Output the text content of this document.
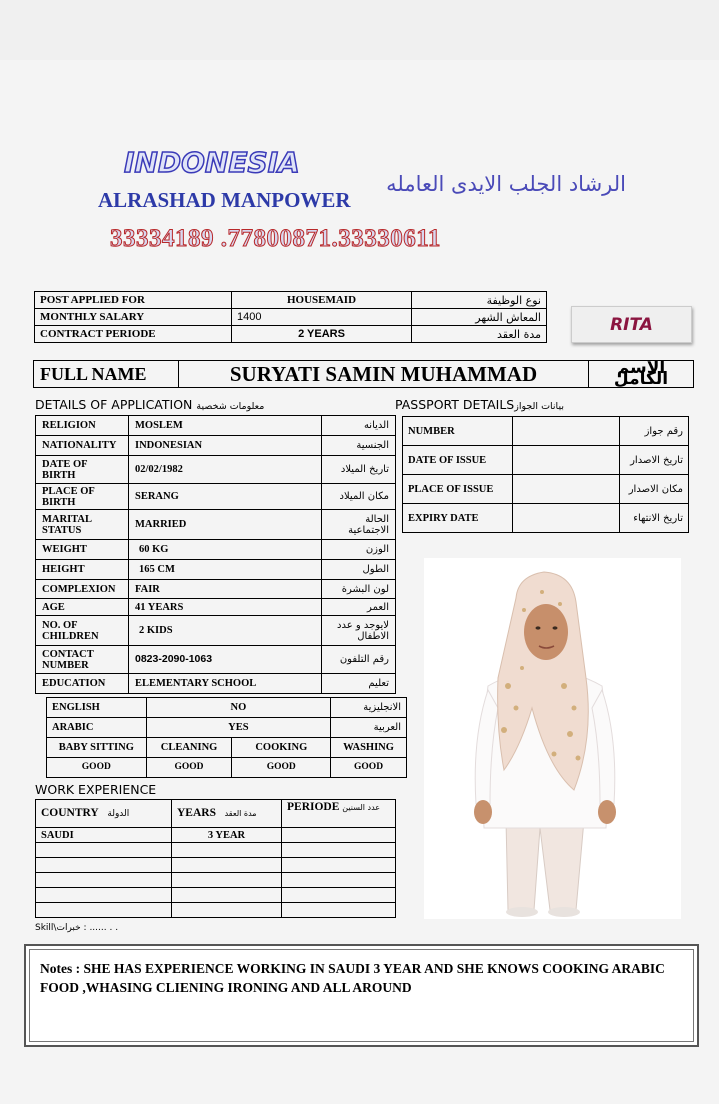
INDONESIA
ALRASHAD MANPOWER
الرشاد الجلب الايدى العامله
33334189 .77800871.33330611
POST APPLIED FOR	HOUSEMAID	نوع الوظيفة
MONTHLY SALARY	1400	المعاش الشهر
CONTRACT PERIODE	2 YEARS	مدة العقد	RITA
FULL NAME	SURYATI SAMIN MUHAMMAD	الاسم الكامل
DETAILS OF APPLICATION معلومات شخصية	PASSPORT DETAILSبيانات الجواز
RELIGION	MOSLEM	الديانه
NATIONALITY	INDONESIAN	الجنسية
DATE OF BIRTH	02/02/1982	تاريخ الميلاد
PLACE OF BIRTH	SERANG	مكان الميلاد
MARITAL STATUS	MARRIED	الحالة الاجتماعية
WEIGHT	60 KG	الوزن
HEIGHT	165 CM	الطول
COMPLEXION	FAIR	لون البشرة
AGE	41 YEARS	العمر
NO. OF CHILDREN	2 KIDS	لايوجد و عدد الاطفال
CONTACT NUMBER	0823-2090-1063	رقم التلفون
EDUCATION	ELEMENTARY SCHOOL	تعليم
NUMBER		رقم جواز
DATE OF ISSUE		تاريخ الاصدار
PLACE OF ISSUE		مكان الاصدار
EXPIRY DATE		تاريخ الانتهاء
ENGLISH	NO		الانجليزية
ARABIC	YES		العربية
BABY SITTING	CLEANING	COOKING	WASHING
GOOD	GOOD	GOOD	GOOD
WORK EXPERIENCE
COUNTRY الدولة	YEARS مدة العقد	PERIODE عدد السنين
SAUDI	3 YEAR	

Skill\خبرات : ...... . .
Notes : SHE HAS EXPERIENCE WORKING IN SAUDI 3 YEAR AND SHE KNOWS COOKING ARABIC FOOD ,WHASING CLIENING IRONING AND ALL AROUND
